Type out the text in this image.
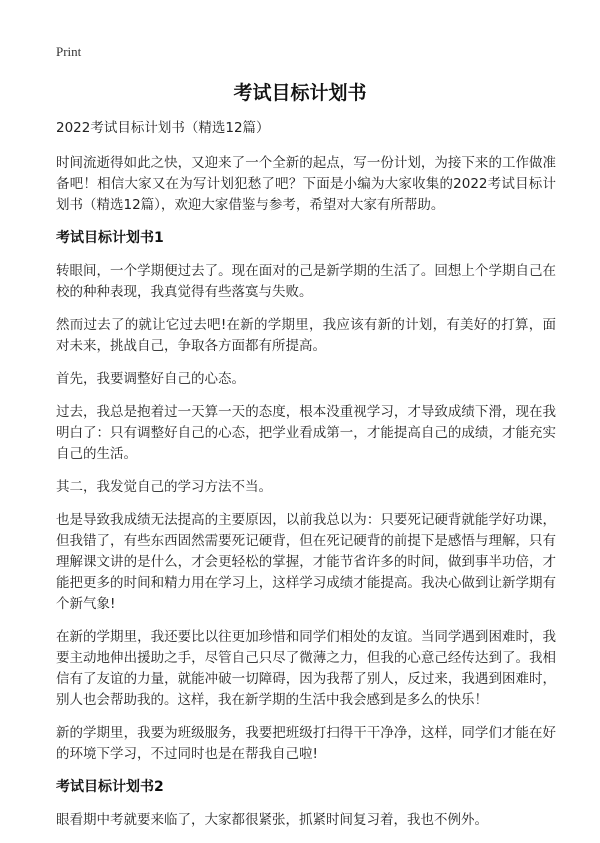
Print
考试目标计划书

2022考试目标计划书（精选12篇）

时间流逝得如此之快，又迎来了一个全新的起点，写一份计划，为接下来的工作做准备吧！相信大家又在为写计划犯愁了吧？下面是小编为大家收集的2022考试目标计划书（精选12篇），欢迎大家借鉴与参考，希望对大家有所帮助。

考试目标计划书1

转眼间，一个学期便过去了。现在面对的己是新学期的生活了。回想上个学期自己在校的种种表现，我真觉得有些落寞与失败。

然而过去了的就让它过去吧!在新的学期里，我应该有新的计划，有美好的打算，面对未来，挑战自己，争取各方面都有所提高。

首先，我要调整好自己的心态。

过去，我总是抱着过一天算一天的态度，根本没重视学习，才导致成绩下滑，现在我明白了：只有调整好自己的心态，把学业看成第一，才能提高自己的成绩，才能充实自己的生活。

其二，我发觉自己的学习方法不当。

也是导致我成绩无法提高的主要原因，以前我总以为：只要死记硬背就能学好功课，但我错了，有些东西固然需要死记硬背，但在死记硬背的前提下是感悟与理解，只有理解课文讲的是什么，才会更轻松的掌握，才能节省许多的时间，做到事半功倍，才能把更多的时间和精力用在学习上，这样学习成绩才能提高。我决心做到让新学期有个新气象!

在新的学期里，我还要比以往更加珍惜和同学们相处的友谊。当同学遇到困难时，我要主动地伸出援助之手，尽管自己只尽了微薄之力，但我的心意己经传达到了。我相信有了友谊的力量，就能冲破一切障碍，因为我帮了别人，反过来，我遇到困难时，别人也会帮助我的。这样，我在新学期的生活中我会感到是多么的快乐！

新的学期里，我要为班级服务，我要把班级打扫得干干净净，这样，同学们才能在好的环境下学习，不过同时也是在帮我自己啦!

考试目标计划书2

眼看期中考就要来临了，大家都很紧张，抓紧时间复习着，我也不例外。
